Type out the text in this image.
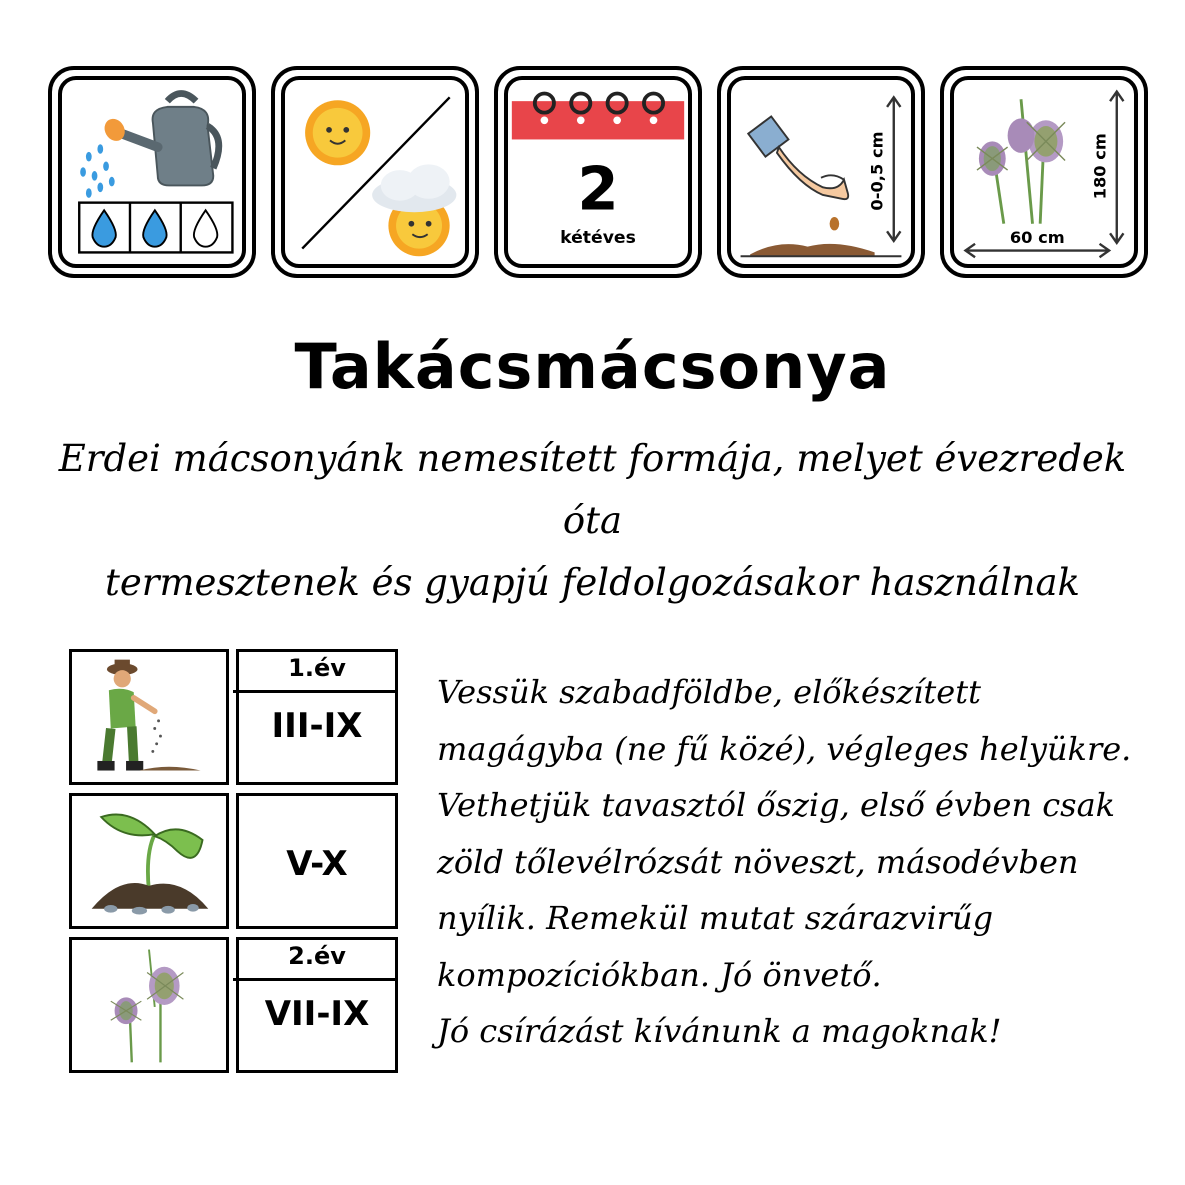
2
kétéves
0-0,5 cm	180 cm
60 cm
Takácsmácsonya
Erdei mácsonyánk nemesített formája, melyet évezredek óta
termesztenek és gyapjú feldolgozásakor használnak
1.év
III-IX
V-X
2.év
VII-IX
Vessük szabadföldbe, előkészített
magágyba (ne fű közé), végleges helyükre.
Vethetjük tavasztól őszig, első évben csak
zöld tőlevélrózsát növeszt, másodévben
nyílik. Remekül mutat szárazvirűg
kompozíciókban. Jó önvető.
Jó csírázást kívánunk a magoknak!
